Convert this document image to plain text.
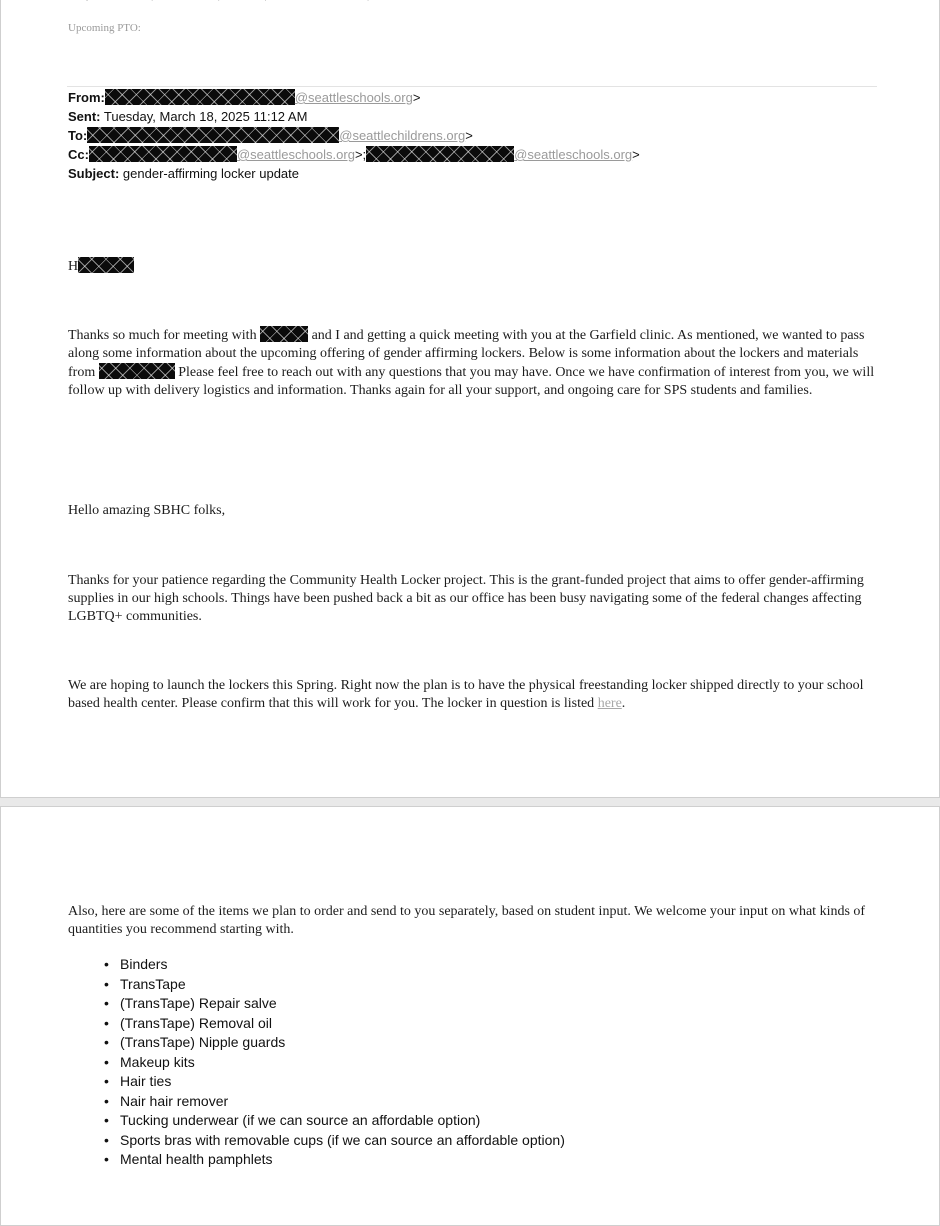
Upcoming PTO:
From:	@seattleschools.org>
Sent: Tuesday, March 18, 2025 11:12 AM
To:	@seattlechildrens.org>
Cc:	@seattleschools.org>;	@seattleschools.org>
Subject: gender-affirming locker update
H

Thanks so much for meeting with	and I and getting a quick meeting with you at the Garfield clinic. As mentioned, we wanted to pass along some information about the upcoming offering of gender affirming lockers. Below is some information about the lockers and materials from	Please feel free to reach out with any questions that you may have. Once we have confirmation of interest from you, we will follow up with delivery logistics and information. Thanks again for all your support, and ongoing care for SPS students and families.

Hello amazing SBHC folks,

Thanks for your patience regarding the Community Health Locker project. This is the grant-funded project that aims to offer gender-affirming supplies in our high schools. Things have been pushed back a bit as our office has been busy navigating some of the federal changes affecting LGBTQ+ communities.

We are hoping to launch the lockers this Spring. Right now the plan is to have the physical freestanding locker shipped directly to your school based health center. Please confirm that this will work for you. The locker in question is listed here.

Also, here are some of the items we plan to order and send to you separately, based on student input. We welcome your input on what kinds of quantities you recommend starting with.

• Binders
• TransTape
• (TransTape) Repair salve
• (TransTape) Removal oil
• (TransTape) Nipple guards
• Makeup kits
• Hair ties
• Nair hair remover
• Tucking underwear (if we can source an affordable option)
• Sports bras with removable cups (if we can source an affordable option)
• Mental health pamphlets
